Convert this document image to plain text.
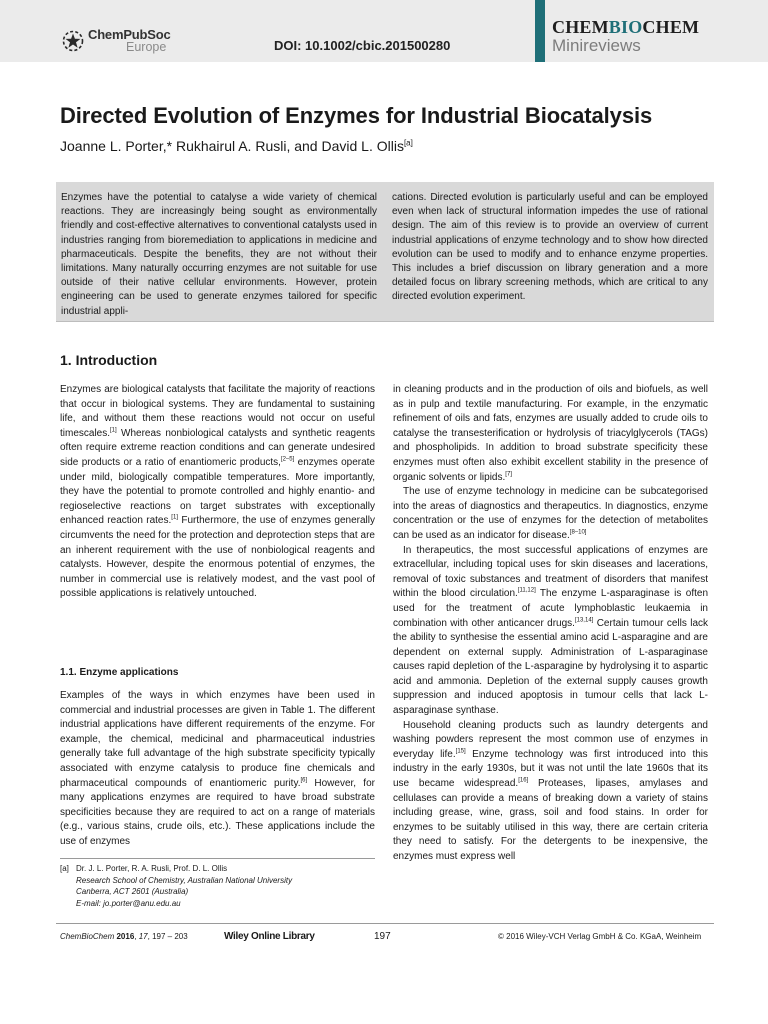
ChemPubSoc
Europe	DOI: 10.1002/cbic.201500280
CHEMBIOCHEM
Minireviews
Directed Evolution of Enzymes for Industrial Biocatalysis
Joanne L. Porter,* Rukhairul A. Rusli, and David L. Ollis[a]
Enzymes have the potential to catalyse a wide variety of chemical reactions. They are increasingly being sought as environmentally friendly and cost-effective alternatives to conventional catalysts used in industries ranging from bioremediation to applications in medicine and pharmaceuticals. Despite the benefits, they are not without their limitations. Many naturally occurring enzymes are not suitable for use outside of their native cellular environments. However, protein engineering can be used to generate enzymes tailored for specific industrial appli-
cations. Directed evolution is particularly useful and can be employed even when lack of structural information impedes the use of rational design. The aim of this review is to provide an overview of current industrial applications of enzyme technology and to show how directed evolution can be used to modify and to enhance enzyme properties. This includes a brief discussion on library generation and a more detailed focus on library screening methods, which are critical to any directed evolution experiment.
1. Introduction

Enzymes are biological catalysts that facilitate the majority of reactions that occur in biological systems. They are fundamental to sustaining life, and without them these reactions would not occur on useful timescales.[1] Whereas nonbiological catalysts and synthetic reagents often require extreme reaction conditions and can generate undesired side products or a ratio of enantiomeric products,[2–5] enzymes operate under mild, biologically compatible temperatures. More importantly, they have the potential to promote controlled and highly enantio- and regioselective reactions on target substrates with exceptionally enhanced reaction rates.[1] Furthermore, the use of enzymes generally circumvents the need for the protection and deprotection steps that are an inherent requirement with the use of nonbiological reagents and catalysts. However, despite the enormous potential of enzymes, the number in commercial use is relatively modest, and the vast pool of possible applications is relatively untouched.

1.1. Enzyme applications

Examples of the ways in which enzymes have been used in commercial and industrial processes are given in Table 1. The different industrial applications have different requirements of the enzyme. For example, the chemical, medicinal and pharmaceutical industries generally take full advantage of the high substrate specificity typically associated with enzyme catalysis to produce fine chemicals and pharmaceutical compounds of enantiomeric purity.[6] However, for many applications enzymes are required to have broad substrate specificities because they are required to act on a range of materials (e.g., various stains, crude oils, etc.). These applications include the use of enzymes

[a] Dr. J. L. Porter, R. A. Rusli, Prof. D. L. Ollis
Research School of Chemistry, Australian National University
Canberra, ACT 2601 (Australia)
E-mail: jo.porter@anu.edu.au

in cleaning products and in the production of oils and biofuels, as well as in pulp and textile manufacturing. For example, in the enzymatic refinement of oils and fats, enzymes are usually added to crude oils to catalyse the transesterification or hydrolysis of triacylglycerols (TAGs) and phospholipids. In addition to broad substrate specificity these enzymes must often also exhibit excellent stability in the presence of organic solvents or lipids.[7]

The use of enzyme technology in medicine can be subcategorised into the areas of diagnostics and therapeutics. In diagnostics, enzyme concentration or the use of enzymes for the detection of metabolites can be used as an indicator for disease.[8–10]

In therapeutics, the most successful applications of enzymes are extracellular, including topical uses for skin diseases and lacerations, removal of toxic substances and treatment of disorders that manifest within the blood circulation.[11,12] The enzyme L-asparaginase is often used for the treatment of acute lymphoblastic leukaemia in combination with other anticancer drugs.[13,14] Certain tumour cells lack the ability to synthesise the essential amino acid L-asparagine and are dependent on external supply. Administration of L-asparaginase causes rapid depletion of the L-asparagine by hydrolysing it to aspartic acid and ammonia. Depletion of the external supply causes growth suppression and induced apoptosis in tumour cells that lack L-asparaginase synthase.

Household cleaning products such as laundry detergents and washing powders represent the most common use of enzymes in everyday life.[15] Enzyme technology was first introduced into this industry in the early 1930s, but it was not until the late 1960s that its use became widespread.[16] Proteases, lipases, amylases and cellulases can provide a means of breaking down a variety of stains including grease, wine, grass, soil and food stains. In order for enzymes to be suitably utilised in this way, there are certain criteria they need to satisfy. For the detergents to be inexpensive, the enzymes must express well

ChemBioChem 2016, 17, 197 – 203	Wiley Online Library	197	© 2016 Wiley-VCH Verlag GmbH & Co. KGaA, Weinheim
